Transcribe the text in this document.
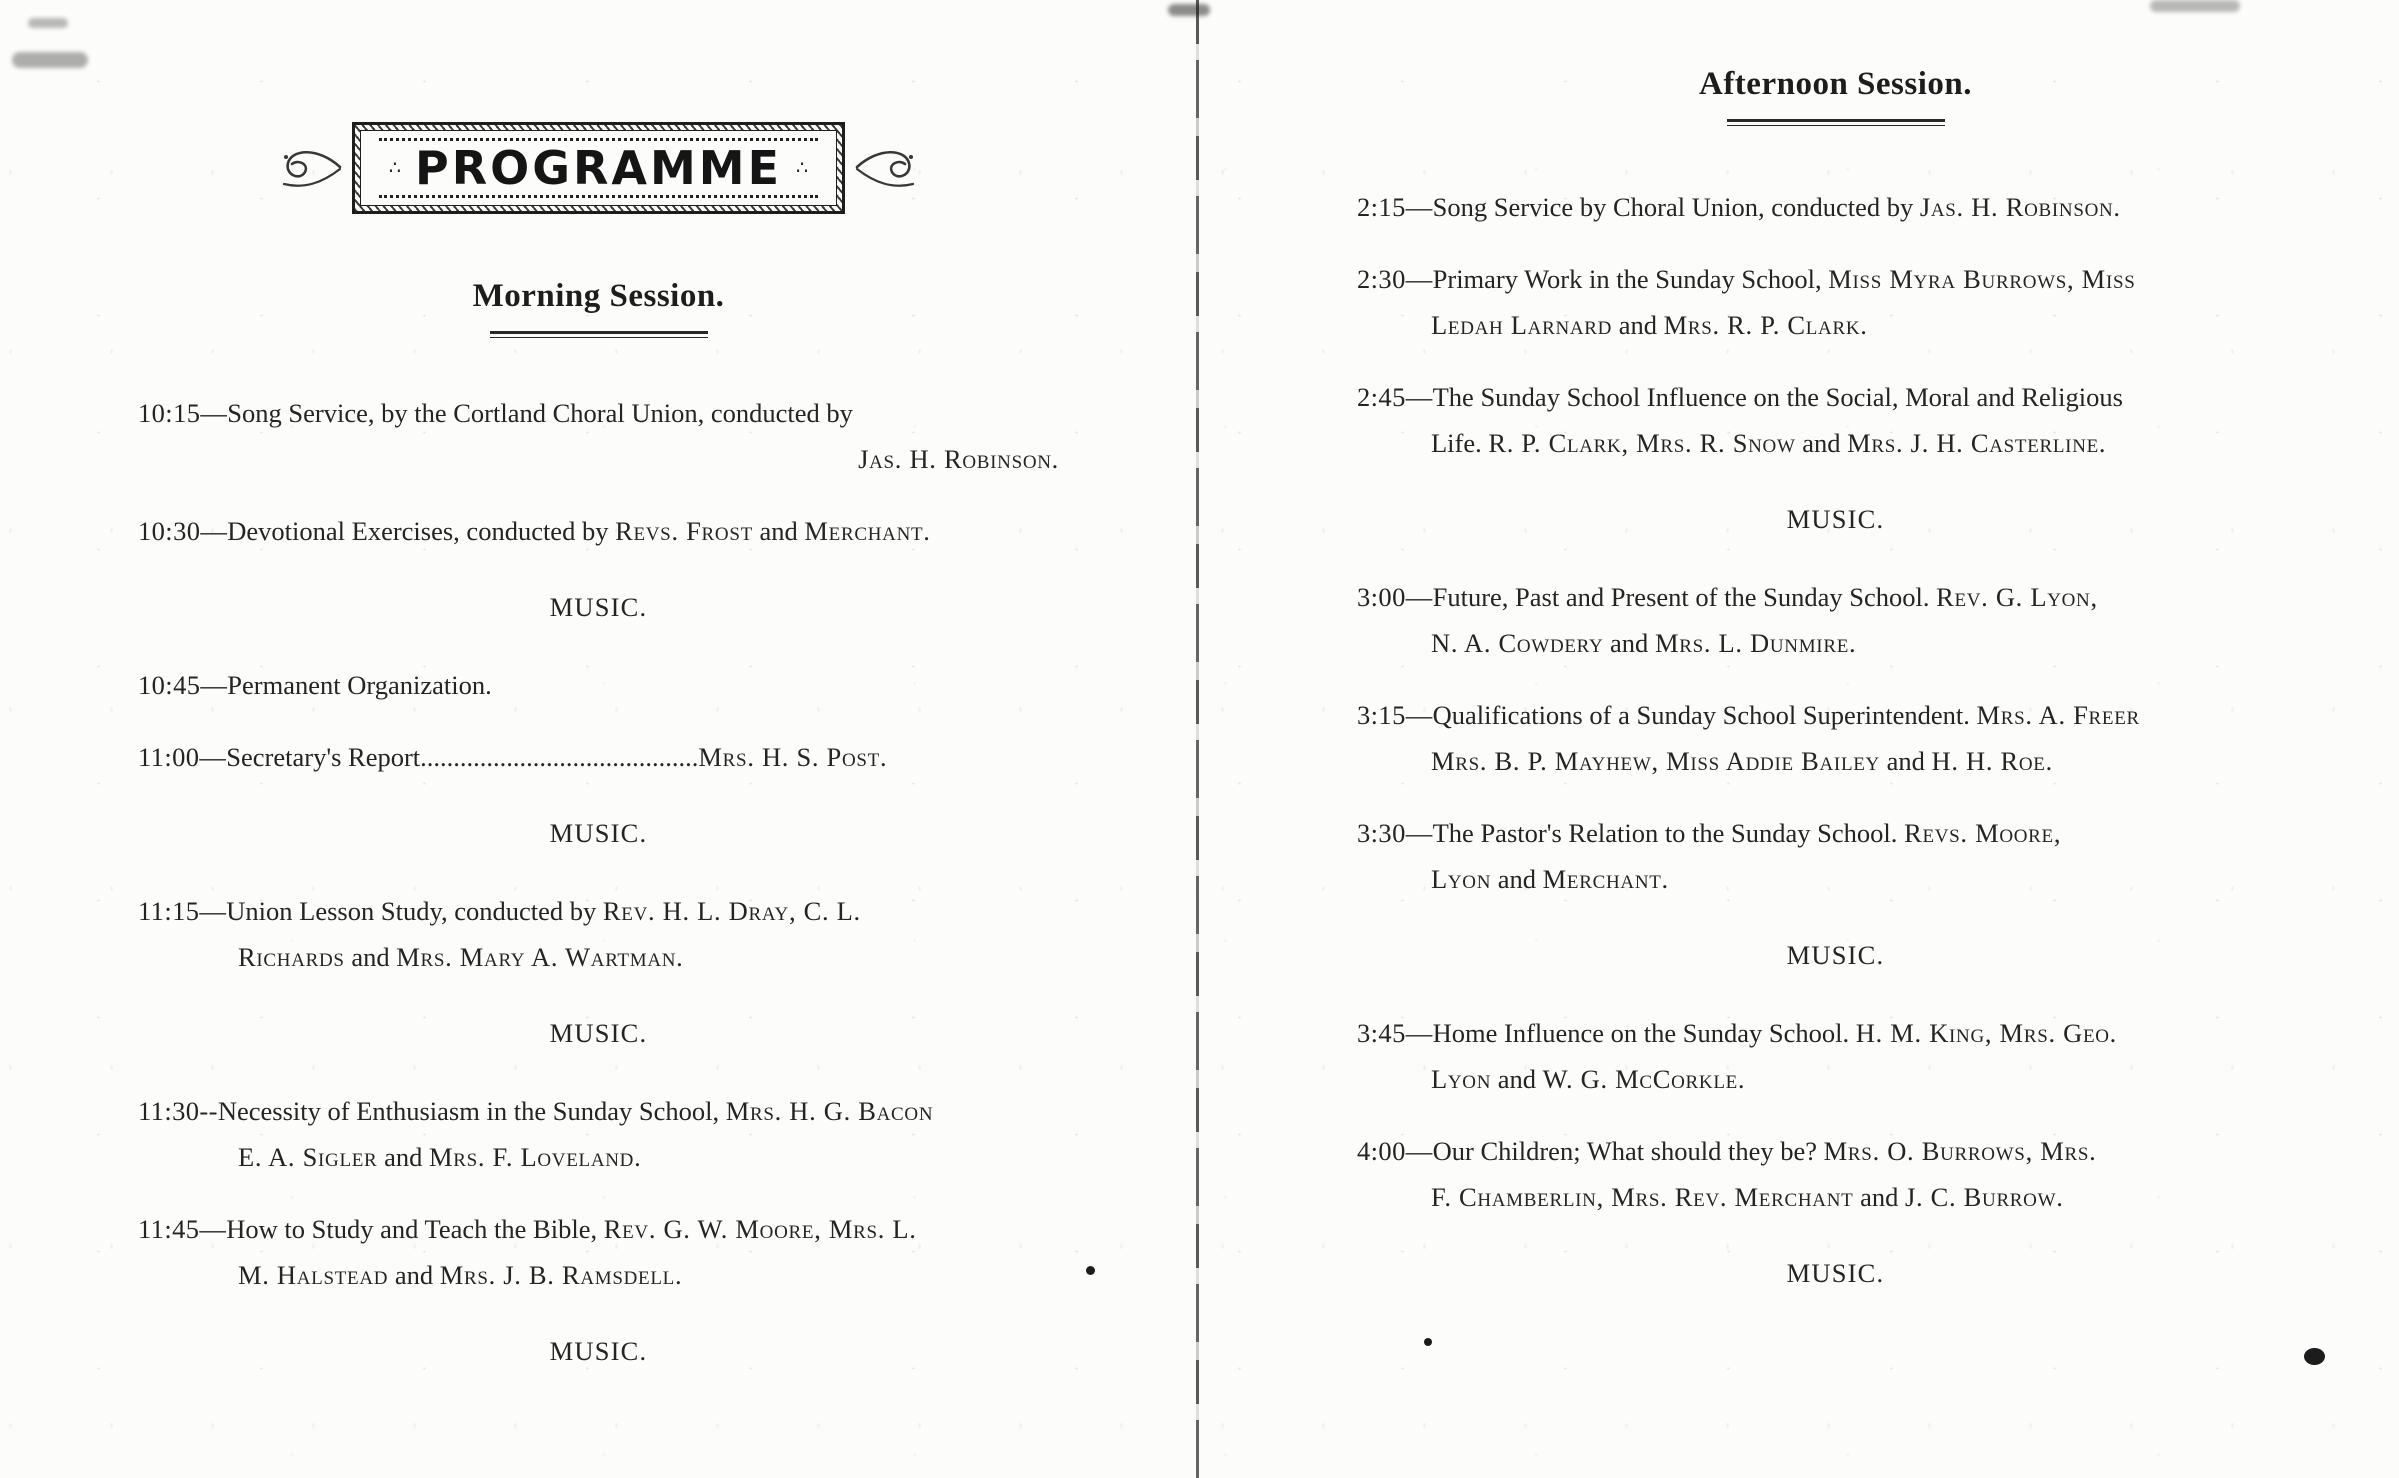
∴ PROGRAMME ∴
Morning Session.
10:15—Song Service, by the Cortland Choral Union, conducted by
Jas. H. Robinson.
10:30—Devotional Exercises, conducted by Revs. Frost and Merchant.
MUSIC.
10:45—Permanent Organization.
11:00—Secretary's Report..........................................Mrs. H. S. Post.
MUSIC.
11:15—Union Lesson Study, conducted by Rev. H. L. Dray, C. L.
Richards and Mrs. Mary A. Wartman.
MUSIC.
11:30--Necessity of Enthusiasm in the Sunday School, Mrs. H. G. Bacon
E. A. Sigler and Mrs. F. Loveland.
11:45—How to Study and Teach the Bible, Rev. G. W. Moore, Mrs. L.
M. Halstead and Mrs. J. B. Ramsdell.
MUSIC.
Afternoon Session.
2:15—Song Service by Choral Union, conducted by Jas. H. Robinson.
2:30—Primary Work in the Sunday School, Miss Myra Burrows, Miss
Ledah Larnard and Mrs. R. P. Clark.
2:45—The Sunday School Influence on the Social, Moral and Religious
Life. R. P. Clark, Mrs. R. Snow and Mrs. J. H. Casterline.
MUSIC.
3:00—Future, Past and Present of the Sunday School. Rev. G. Lyon,
N. A. Cowdery and Mrs. L. Dunmire.
3:15—Qualifications of a Sunday School Superintendent. Mrs. A. Freer
Mrs. B. P. Mayhew, Miss Addie Bailey and H. H. Roe.
3:30—The Pastor's Relation to the Sunday School. Revs. Moore,
Lyon and Merchant.
MUSIC.
3:45—Home Influence on the Sunday School. H. M. King, Mrs. Geo.
Lyon and W. G. McCorkle.
4:00—Our Children; What should they be? Mrs. O. Burrows, Mrs.
F. Chamberlin, Mrs. Rev. Merchant and J. C. Burrow.
MUSIC.
